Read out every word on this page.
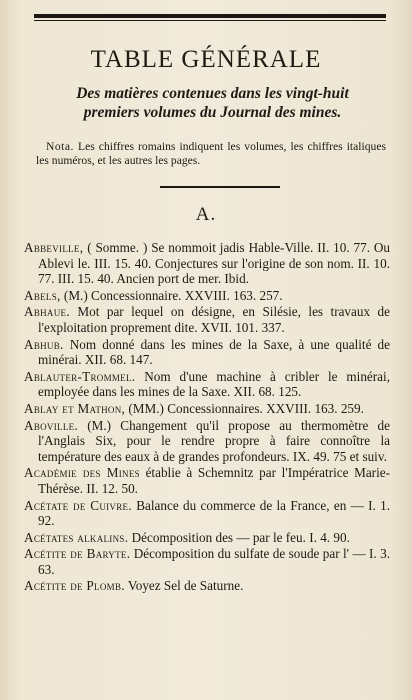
TABLE GÉNÉRALE
Des matières contenues dans les vingt-huit
premiers volumes du Journal des mines.
Nota. Les chiffres romains indiquent les volumes, les chiffres italiques les numéros, et les autres les pages.
A.
Abbeville, ( Somme. ) Se nommoit jadis Hable-Ville. II. 10. 77. Ou Ablevi le. III. 15. 40. Conjectures sur l'origine de son nom. II. 10. 77. III. 15. 40. Ancien port de mer. Ibid.
Abels, (M.) Concessionnaire. XXVIII. 163. 257.
Abhaue. Mot par lequel on désigne, en Silésie, les travaux de l'exploitation proprement dite. XVII. 101. 337.
Abhub. Nom donné dans les mines de la Saxe, à une qualité de minérai. XII. 68. 147.
Ablauter-Trommel. Nom d'une machine à cribler le minérai, employée dans les mines de la Saxe. XII. 68. 125.
Ablay et Mathon, (MM.) Concessionnaires. XXVIII. 163. 259.
Aboville. (M.) Changement qu'il propose au thermomètre de l'Anglais Six, pour le rendre propre à faire connoître la température des eaux à de grandes profondeurs. IX. 49. 75 et suiv.
Académie des Mines établie à Schemnitz par l'Impératrice Marie-Thérèse. II. 12. 50.
Acétate de Cuivre. Balance du commerce de la France, en — I. 1. 92.
Acétates alkalins. Décomposition des — par le feu. I. 4. 90.
Acétite de Baryte. Décomposition du sulfate de soude par l' — I. 3. 63.
Acétite de Plomb. Voyez Sel de Saturne.
